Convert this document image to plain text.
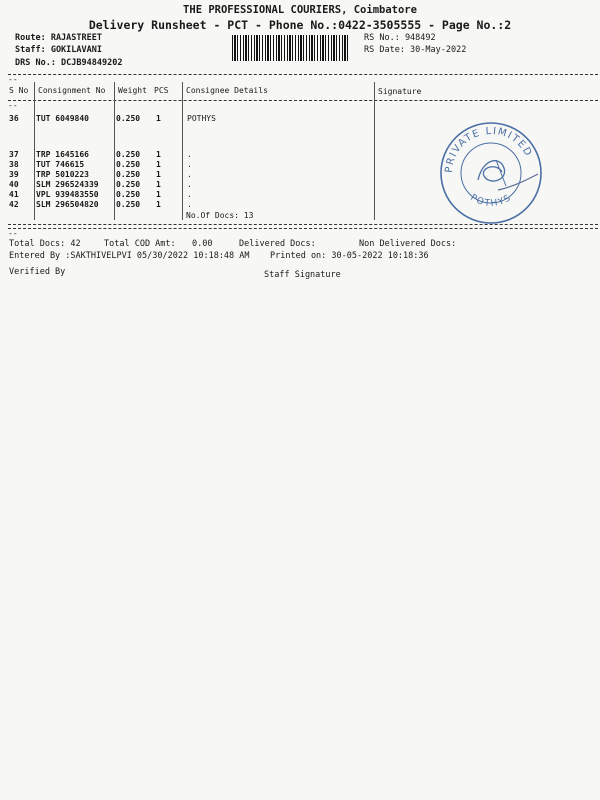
THE PROFESSIONAL COURIERS, Coimbatore
Delivery Runsheet - PCT - Phone No.:0422-3505555 - Page No.:2
Route: RAJASTREET
Staff: GOKILAVANI
DRS No.: DCJB94849202
RS No.: 948492
RS Date: 30-May-2022
--
--
S No Consignment No Weight PCS Consignee Details	Signature
36 TUT 6049840	0.250 1	POTHYS
37 TRP 1645166	0.250 1	.
38 TUT 746615	0.250 1	.
39 TRP 5010223	0.250 1	.
40 SLM 296524339 0.250 1	.
41 VPL 939483550 0.250 1	.
42 SLM 296504820 0.250 1	.
No.Of Docs: 13
--
PRIVATE LIMITED
POTHYS
Total Docs: 42	Total COD Amt: 0.00	Delivered Docs:	Non Delivered Docs:
Entered By :SAKTHIVELPVI 05/30/2022 10:18:48 AM Printed on: 30-05-2022 10:18:36
Verified By	Staff Signature
